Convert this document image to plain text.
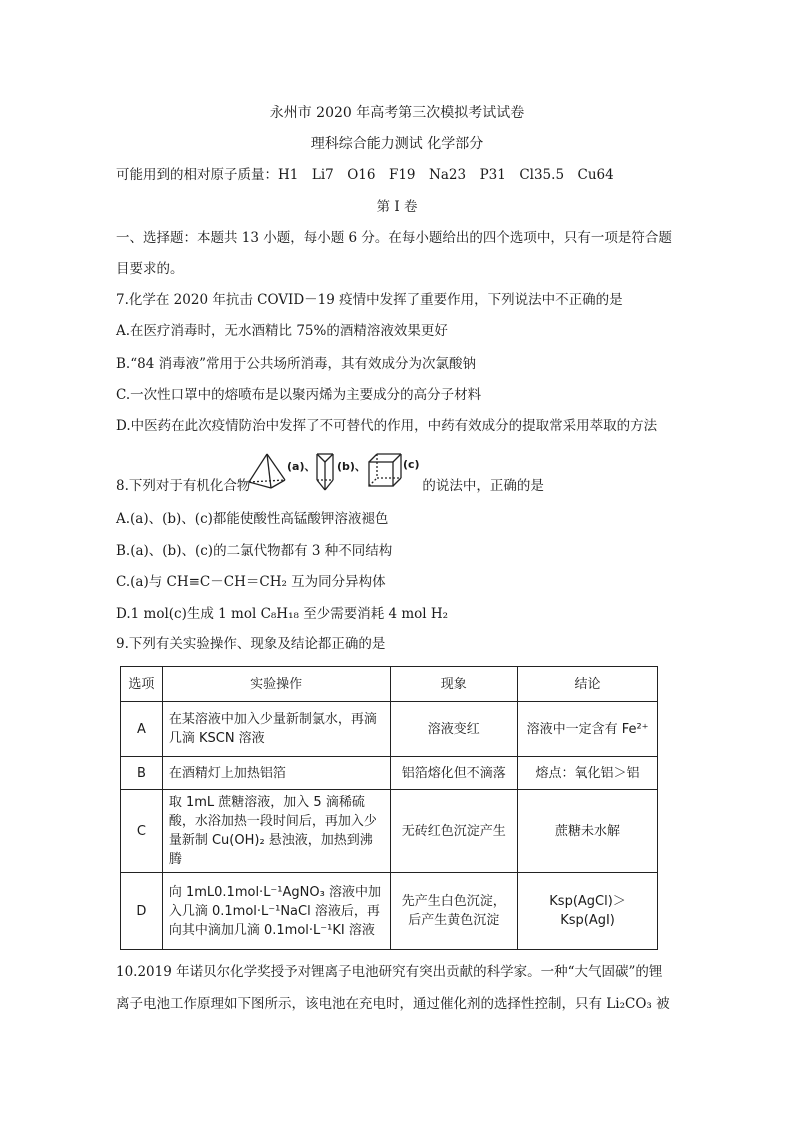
永州市 2020 年高考第三次模拟考试试卷
理科综合能力测试 化学部分
可能用到的相对原子质量：H1　Li7　O16　F19　Na23　P31　Cl35.5　Cu64
第 I 卷
一、选择题：本题共 13 小题，每小题 6 分。在每小题给出的四个选项中，只有一项是符合题
目要求的。
7.化学在 2020 年抗击 COVID－19 疫情中发挥了重要作用，下列说法中不正确的是
A.在医疗消毒时，无水酒精比 75%的酒精溶液效果更好
B.“84 消毒液”常用于公共场所消毒，其有效成分为次氯酸钠
C.一次性口罩中的熔喷布是以聚丙烯为主要成分的高分子材料
D.中医药在此次疫情防治中发挥了不可替代的作用，中药有效成分的提取常采用萃取的方法
8.下列对于有机化合物	的说法中，正确的是
(a)、 (b)、	(c)
A.(a)、(b)、(c)都能使酸性高锰酸钾溶液褪色
B.(a)、(b)、(c)的二氯代物都有 3 种不同结构
C.(a)与 CH≡C－CH＝CH₂ 互为同分异构体
D.1 mol(c)生成 1 mol C₈H₁₈ 至少需要消耗 4 mol H₂
9.下列有关实验操作、现象及结论都正确的是
选项	实验操作	现象	结论
A	在某溶液中加入少量新制氯水，再滴几滴 KSCN 溶液	溶液变红	溶液中一定含有 Fe²⁺
B	在酒精灯上加热铝箔	铝箔熔化但不滴落	熔点：氧化铝＞铝
C	取 1mL 蔗糖溶液，加入 5 滴稀硫酸，水浴加热一段时间后，再加入少量新制 Cu(OH)₂ 悬浊液，加热到沸腾	无砖红色沉淀产生	蔗糖未水解
D	向 1mL0.1mol·L⁻¹AgNO₃ 溶液中加入几滴 0.1mol·L⁻¹NaCl 溶液后，再向其中滴加几滴 0.1mol·L⁻¹KI 溶液	先产生白色沉淀，后产生黄色沉淀	Ksp(AgCl)＞Ksp(AgI)
10.2019 年诺贝尔化学奖授予对锂离子电池研究有突出贡献的科学家。一种“大气固碳”的锂
离子电池工作原理如下图所示，该电池在充电时，通过催化剂的选择性控制，只有 Li₂CO₃ 被
